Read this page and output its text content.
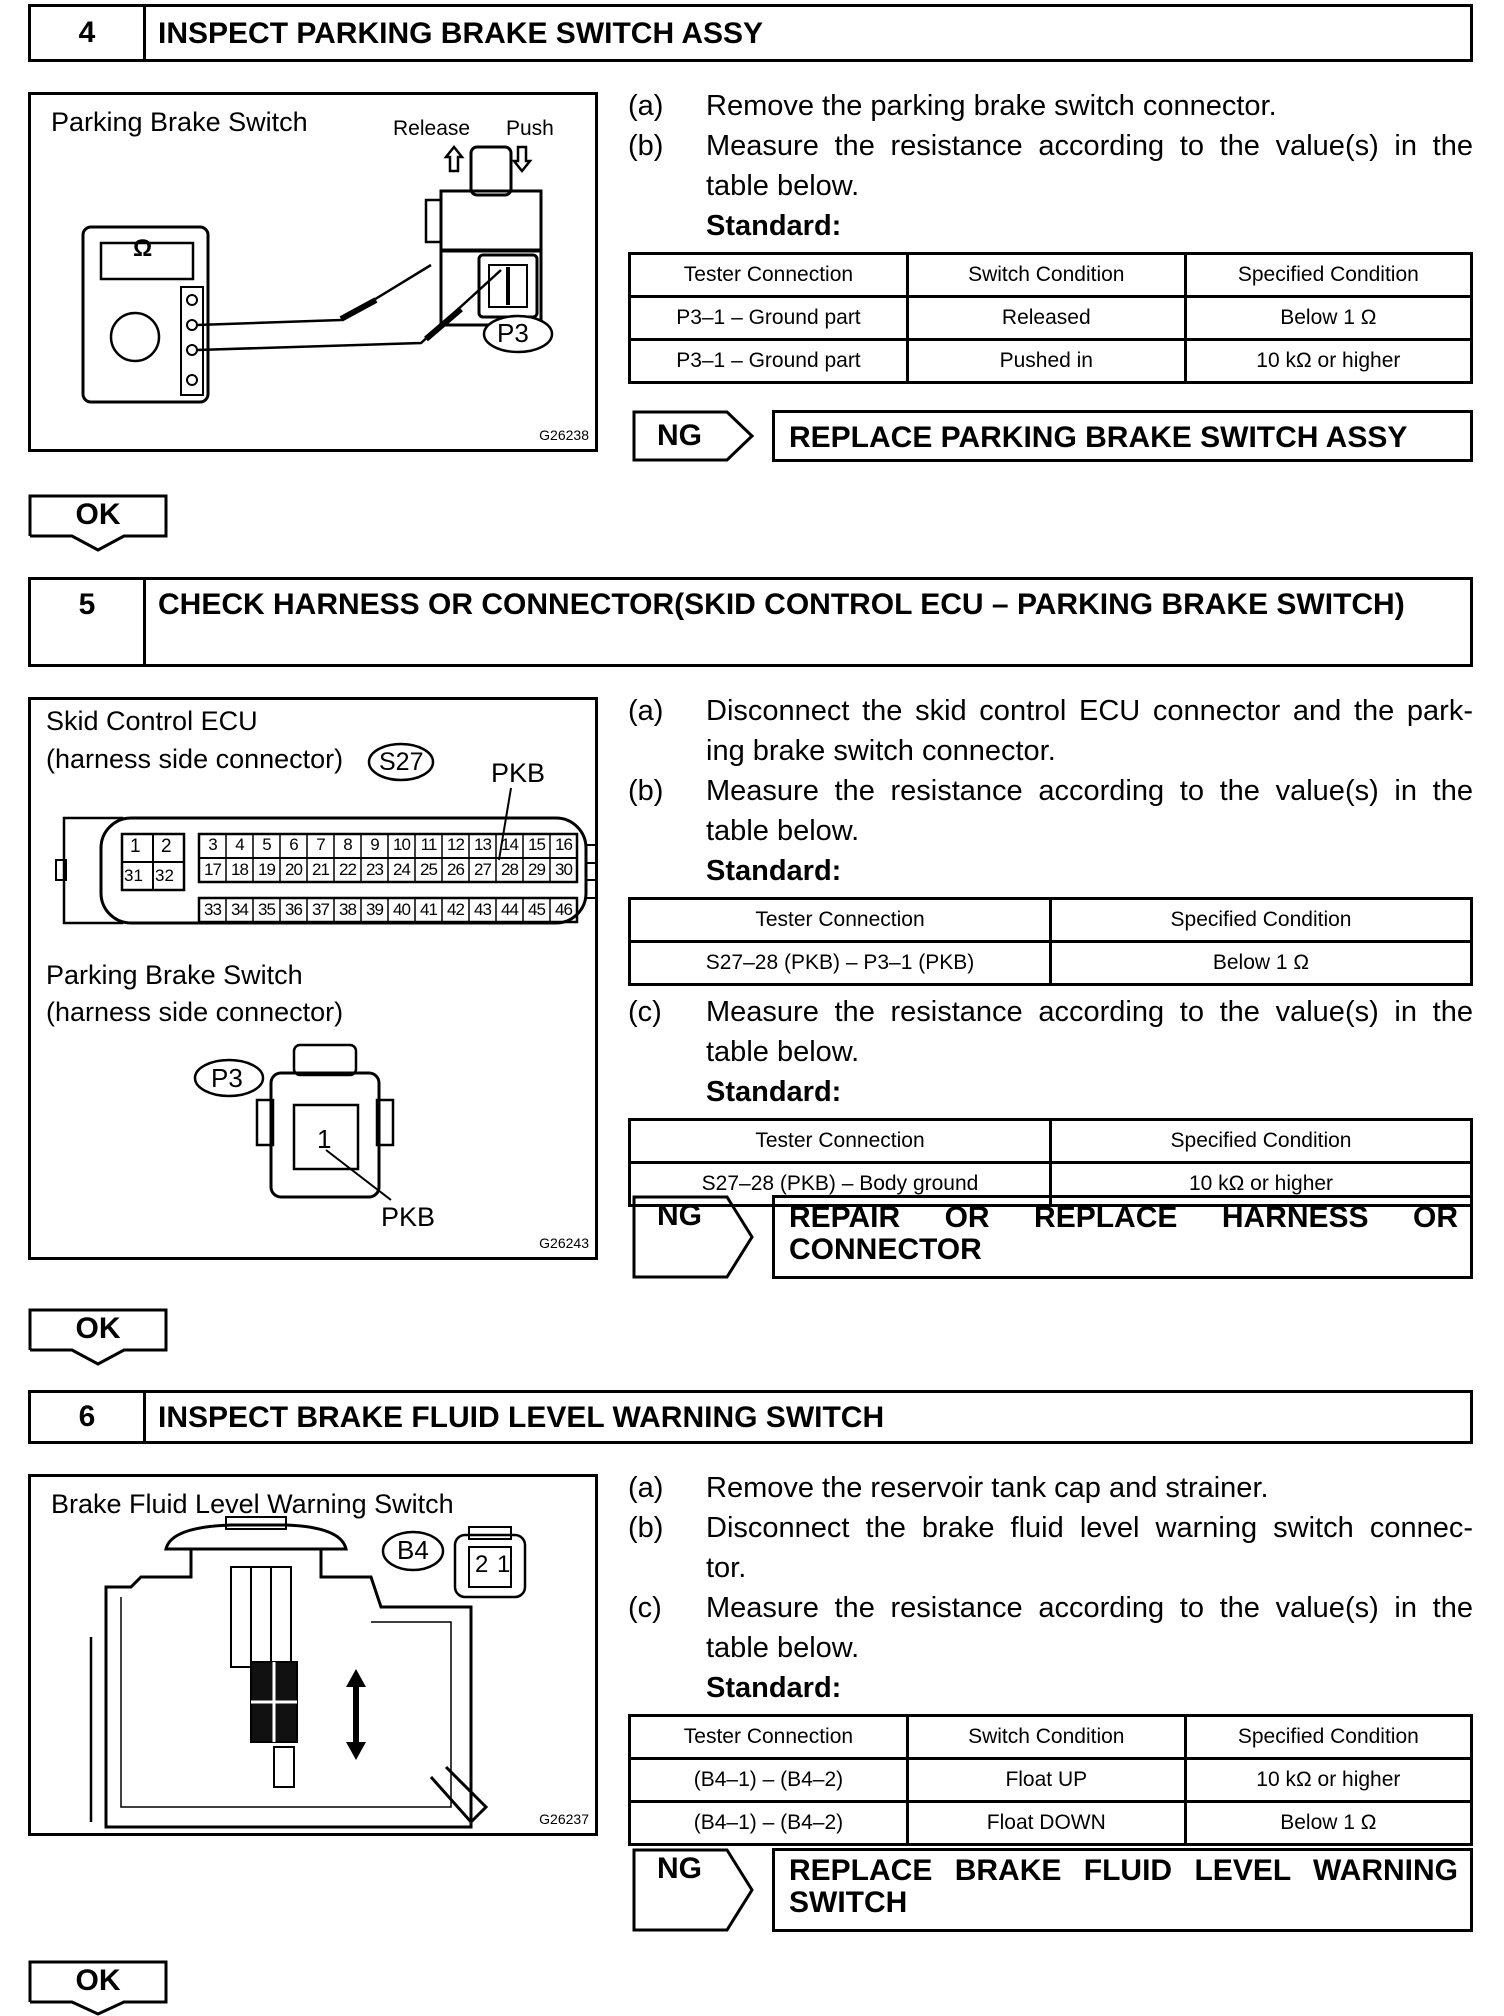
4	INSPECT PARKING BRAKE SWITCH ASSY
Parking Brake Switch	Release Push
Ω
P3
G26238
(a)	Remove the parking brake switch connector.
(b)	Measure the resistance according to the value(s) in the table below.
Standard:
Tester Connection	Switch Condition	Specified Condition
P3–1 – Ground part	Released	Below 1 Ω
P3–1 – Ground part	Pushed in	10 kΩ or higher
NG	REPLACE PARKING BRAKE SWITCH ASSY
OK
5	CHECK HARNESS OR CONNECTOR(SKID CONTROL ECU – PARKING BRAKE SWITCH)
Skid Control ECU
(harness side connector)	PKB
S27
1 2
31 32
3	4	5	6	7	8	9 10 11 12 13 14 15 16
17 18 19 20 21 22 23 24 25 26 27 28 29 30
33 34 35 36 37 38 39 40 41 42 43 44 45 46
Parking Brake Switch
(harness side connector)
P3
1
PKB
G26243
(a)	Disconnect the skid control ECU connector and the park-
ing brake switch connector.
(b)	Measure the resistance according to the value(s) in the table below.
Standard:
Tester Connection	Specified Condition
S27–28 (PKB) – P3–1 (PKB)	Below 1 Ω
(c)	Measure the resistance according to the value(s) in the table below.
Standard:
Tester Connection	Specified Condition
S27–28 (PKB) – Body ground	10 kΩ or higher
NG	REPAIR OR REPLACE HARNESS OR
CONNECTOR
OK
6	INSPECT BRAKE FLUID LEVEL WARNING SWITCH
Brake Fluid Level Warning Switch
B4 2 1
G26237
(a)	Remove the reservoir tank cap and strainer.
(b)	Disconnect the brake fluid level warning switch connec-
tor.
(c)	Measure the resistance according to the value(s) in the table below.
Standard:
Tester Connection	Switch Condition	Specified Condition
(B4–1) – (B4–2)	Float UP	10 kΩ or higher
(B4–1) – (B4–2)	Float DOWN	Below 1 Ω
NG	REPLACE BRAKE FLUID LEVEL WARNING
SWITCH
OK
